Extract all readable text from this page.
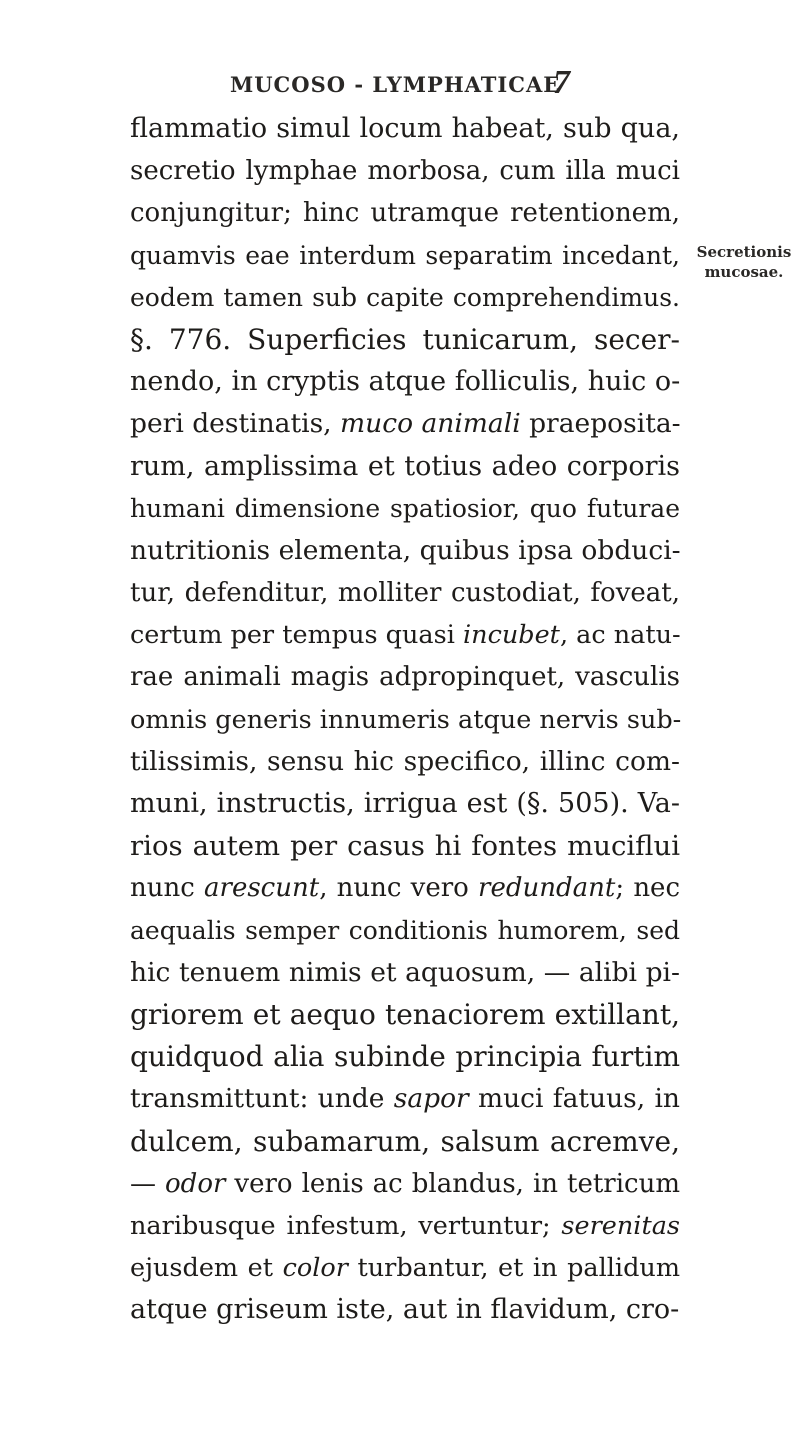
MUCOSO - LYMPHATICAE
7
flammatio simul locum habeat, sub qua,
secretio lymphae morbosa, cum illa muci
conjungitur; hinc utramque retentionem,
quamvis eae interdum separatim incedant,
eodem tamen sub capite comprehendimus.
§. 776. Superficies tunicarum, secer-
nendo, in cryptis atque folliculis, huic o-
peri destinatis, muco animali praeposita-
rum, amplissima et totius adeo corporis
humani dimensione spatiosior, quo futurae
nutritionis elementa, quibus ipsa obduci-
tur, defenditur, molliter custodiat, foveat,
certum per tempus quasi incubet, ac natu-
rae animali magis adpropinquet, vasculis
omnis generis innumeris atque nervis sub-
tilissimis, sensu hic specifico, illinc com-
muni, instructis, irrigua est (§. 505). Va-
rios autem per casus hi fontes muciflui
nunc arescunt, nunc vero redundant; nec
aequalis semper conditionis humorem, sed
hic tenuem nimis et aquosum, — alibi pi-
griorem et aequo tenaciorem extillant,
quidquod alia subinde principia furtim
transmittunt: unde sapor muci fatuus, in
dulcem, subamarum, salsum acremve,
— odor vero lenis ac blandus, in tetricum
naribusque infestum, vertuntur; serenitas
ejusdem et color turbantur, et in pallidum
atque griseum iste, aut in flavidum, cro-
Secretionis
mucosae.
